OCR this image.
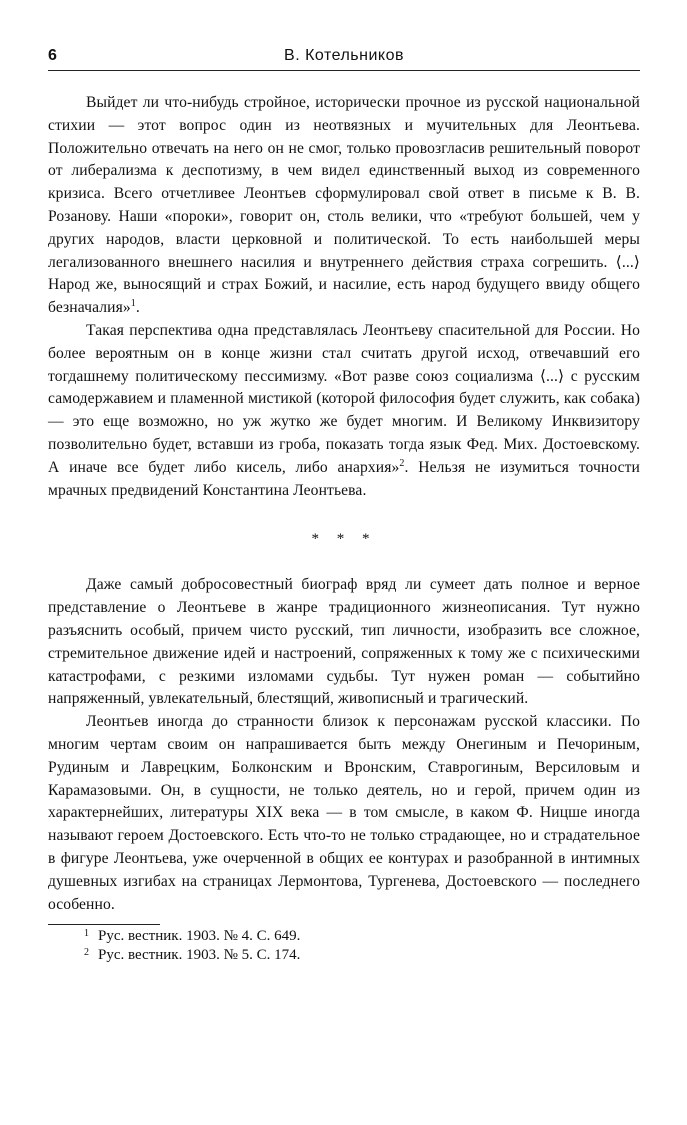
6	В. Котельников

Выйдет ли что-нибудь стройное, исторически прочное из русской национальной стихии — этот вопрос один из неотвязных и мучительных для Леонтьева. Положительно отвечать на него он не смог, только провозгласив решительный поворот от либерализма к деспотизму, в чем видел единственный выход из современного кризиса. Всего отчетливее Леонтьев сформулировал свой ответ в письме к В. В. Розанову. Наши «пороки», говорит он, столь велики, что «требуют большей, чем у других народов, власти церковной и политической. То есть наибольшей меры легализованного внешнего насилия и внутреннего действия страха согрешить. ⟨...⟩ Народ же, выносящий и страх Божий, и насилие, есть народ будущего ввиду общего безначалия»$^1$.

Такая перспектива одна представлялась Леонтьеву спасительной для России. Но более вероятным он в конце жизни стал считать другой исход, отвечавший его тогдашнему политическому пессимизму. «Вот разве союз социализма ⟨...⟩ с русским самодержавием и пламенной мистикой (которой философия будет служить, как собака) — это еще возможно, но уж жутко же будет многим. И Великому Инквизитору позволительно будет, вставши из гроба, показать тогда язык Фед. Мих. Достоевскому. А иначе все будет либо кисель, либо анархия»$^2$. Нельзя не изумиться точности мрачных предвидений Константина Леонтьева.

* * *

Даже самый добросовестный биограф вряд ли сумеет дать полное и верное представление о Леонтьеве в жанре традиционного жизнеописания. Тут нужно разъяснить особый, причем чисто русский, тип личности, изобразить все сложное, стремительное движение идей и настроений, сопряженных к тому же с психическими катастрофами, с резкими изломами судьбы. Тут нужен роман — событийно напряженный, увлекательный, блестящий, живописный и трагический.

Леонтьев иногда до странности близок к персонажам русской классики. По многим чертам своим он напрашивается быть между Онегиным и Печориным, Рудиным и Лаврецким, Болконским и Вронским, Ставрогиным, Версиловым и Карамазовыми. Он, в сущности, не только деятель, но и герой, причем один из характернейших, литературы XIX века — в том смысле, в каком Ф. Ницше иногда называют героем Достоевского. Есть что-то не только страдающее, но и страдательное в фигуре Леонтьева, уже очерченной в общих ее контурах и разобранной в интимных душевных изгибах на страницах Лермонтова, Тургенева, Достоевского — последнего особенно.

1 Рус. вестник. 1903. № 4. С. 649.
2 Рус. вестник. 1903. № 5. С. 174.
